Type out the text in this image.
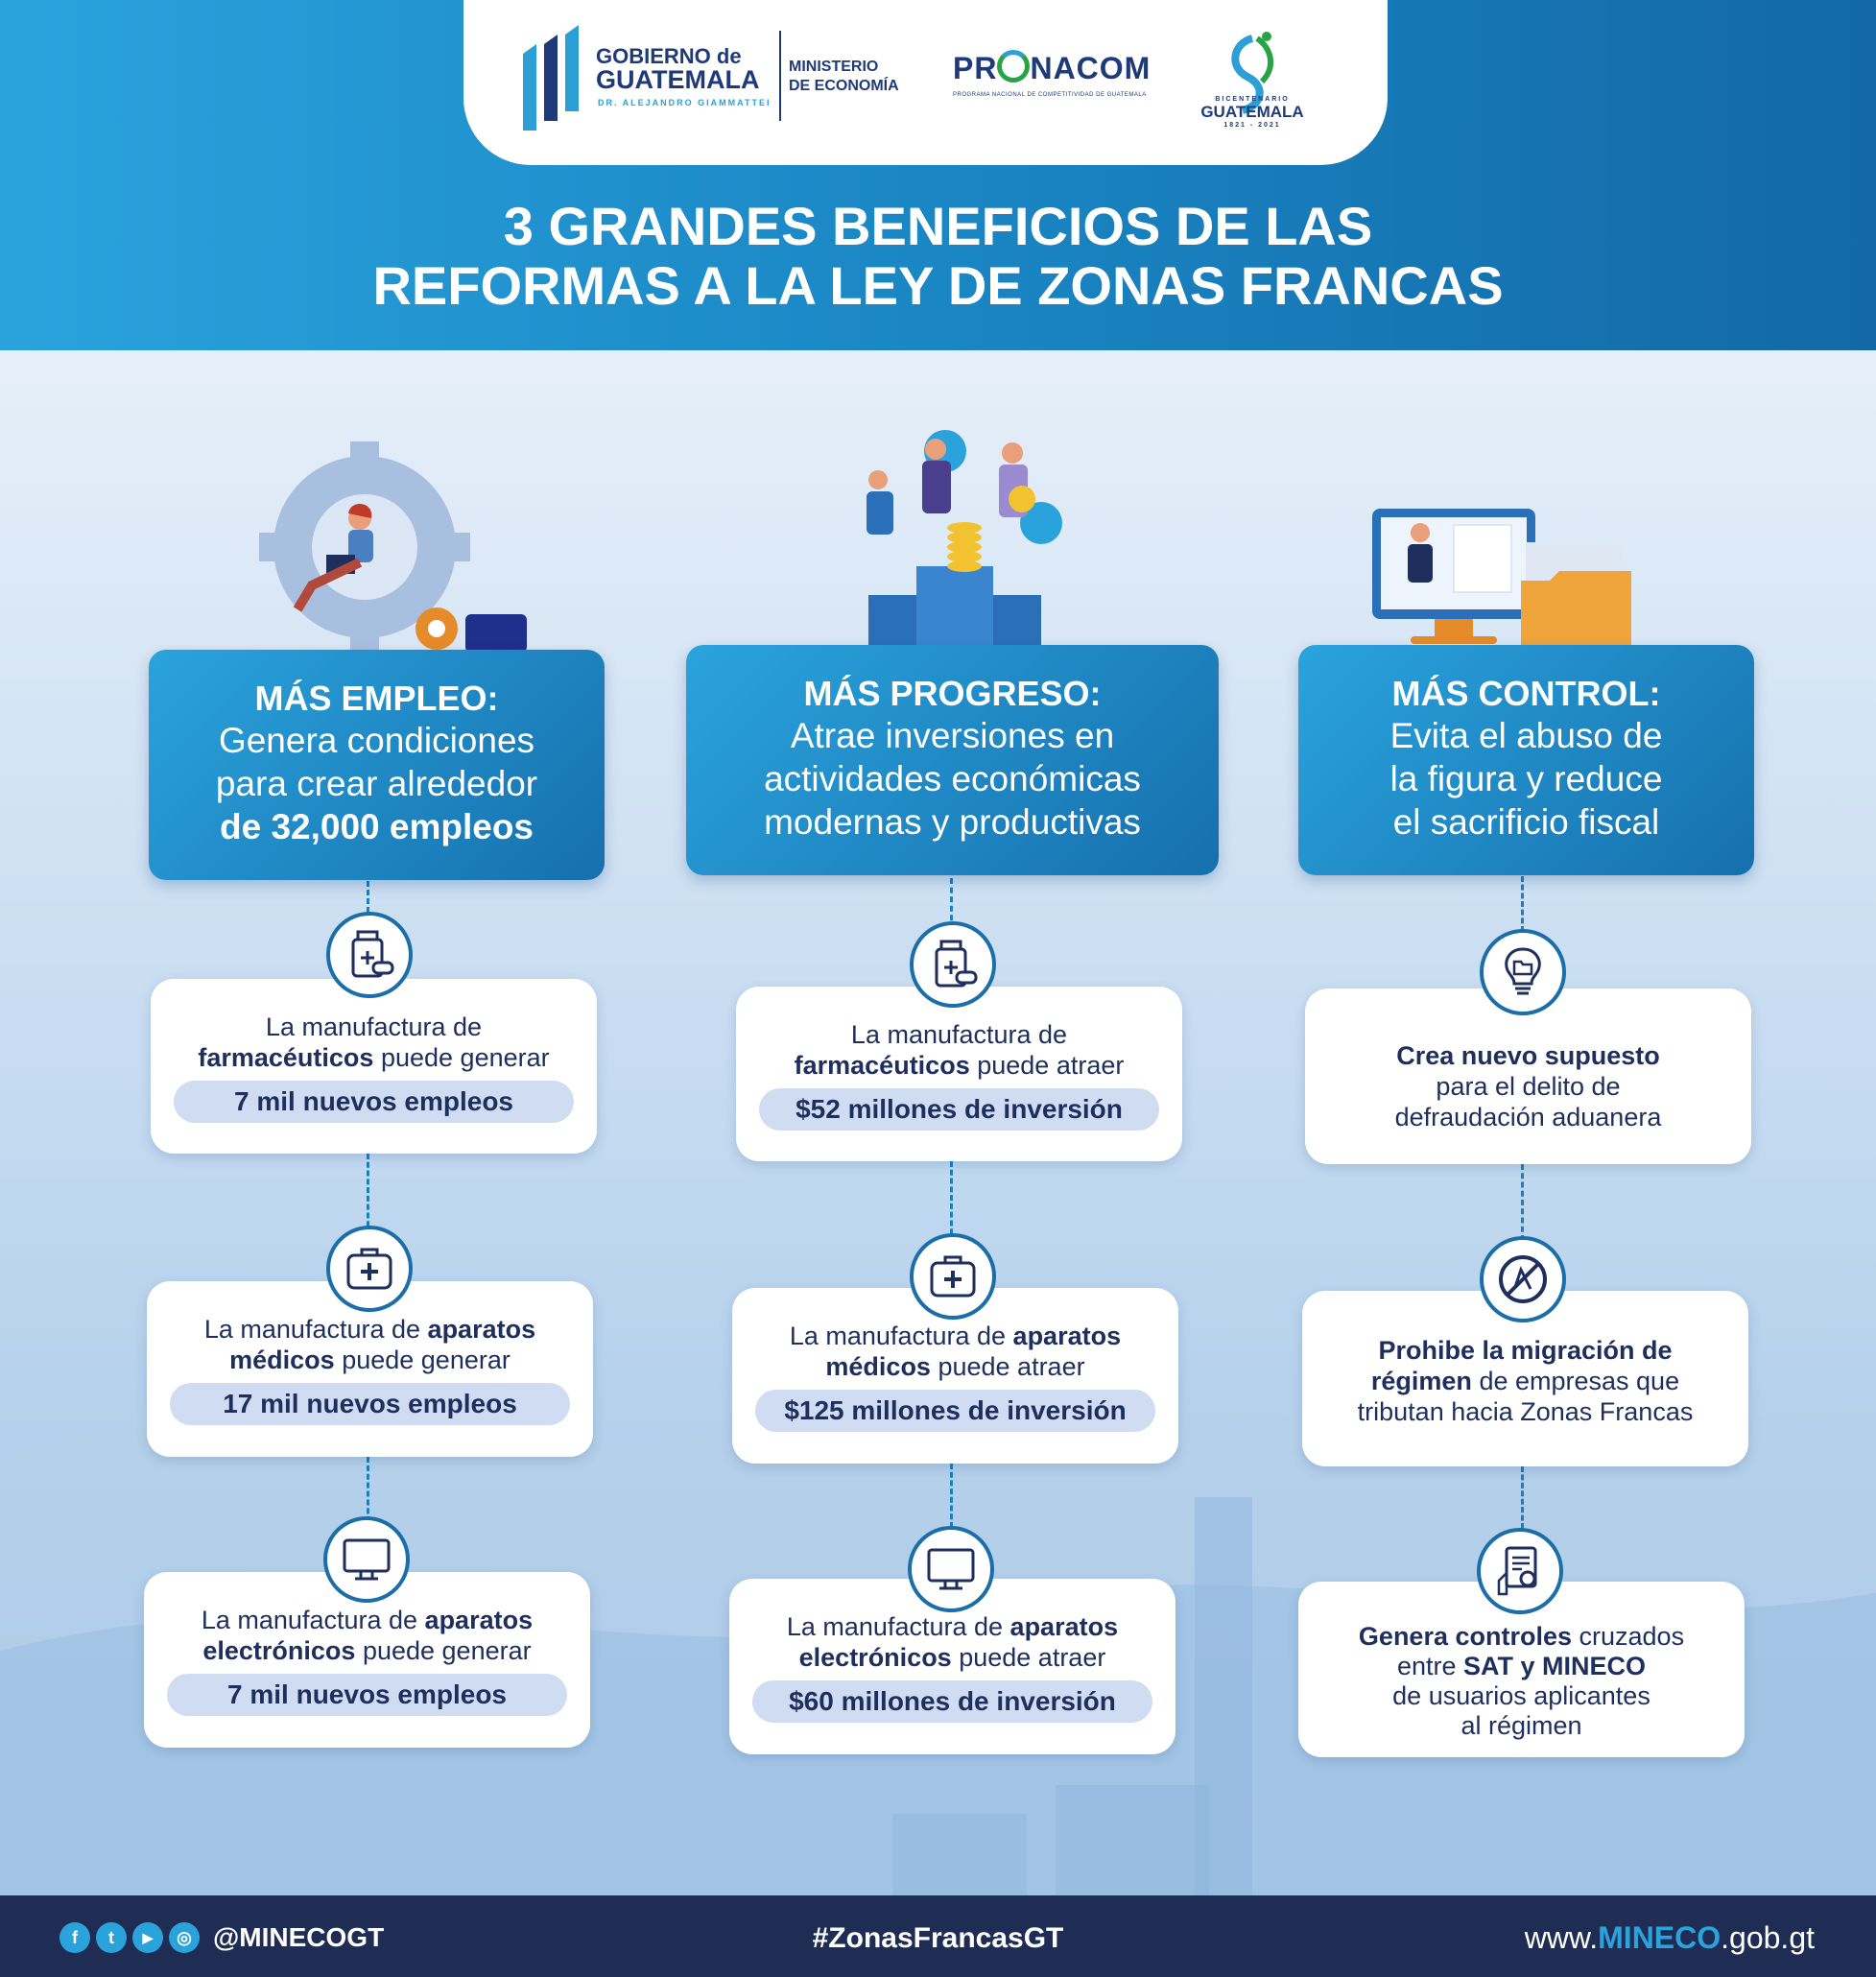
GOBIERNO de
GUATEMALA
DR. ALEJANDRO GIAMMATTEI
MINISTERIO
DE ECONOMÍA
PR NACOM
PROGRAMA NACIONAL DE COMPETITIVIDAD DE GUATEMALA
BICENTENARIO
GUATEMALA
1821 - 2021
3 GRANDES BENEFICIOS DE LAS
REFORMAS A LA LEY DE ZONAS FRANCAS
MÁS EMPLEO:
Genera condiciones
para crear alrededor
de 32,000 empleos
MÁS PROGRESO:
Atrae inversiones en
actividades económicas
modernas y productivas
MÁS CONTROL:
Evita el abuso de
la figura y reduce
el sacrificio fiscal
La manufactura de
farmacéuticos puede generar
7 mil nuevos empleos
La manufactura de aparatos
médicos puede generar
17 mil nuevos empleos
La manufactura de aparatos
electrónicos puede generar
7 mil nuevos empleos
La manufactura de
farmacéuticos puede atraer
$52 millones de inversión
La manufactura de aparatos
médicos puede atraer
$125 millones de inversión
La manufactura de aparatos
electrónicos puede atraer
$60 millones de inversión
Crea nuevo supuesto
para el delito de
defraudación aduanera
Prohibe la migración de
régimen de empresas que
tributan hacia Zonas Francas
Genera controles cruzados
entre SAT y MINECO
de usuarios aplicantes
al régimen
f	t	▶	◎ @MINECOGT	#ZonasFrancasGT	www.MINECO.gob.gt
